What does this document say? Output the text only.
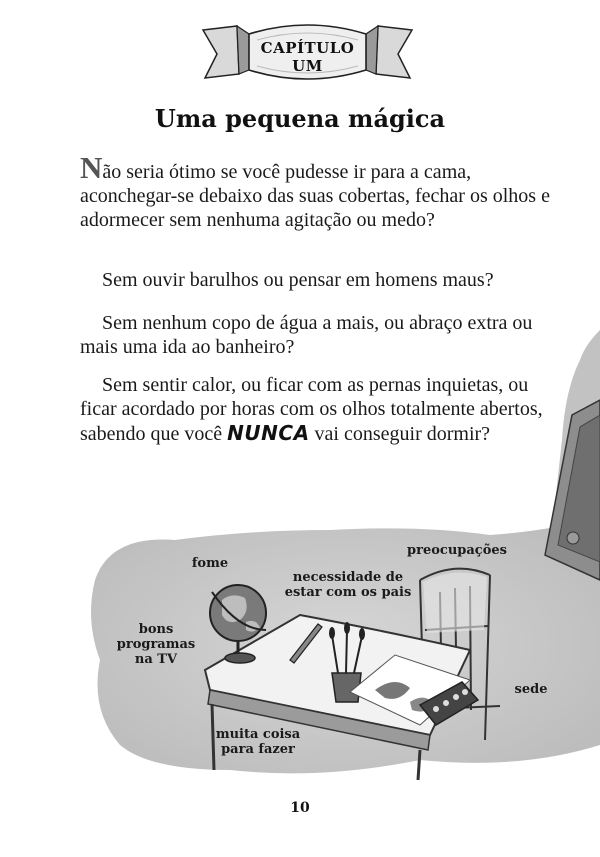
CAPÍTULO
UM
Uma pequena mágica

Não seria ótimo se você pudesse ir para a cama, aconchegar-se debaixo das suas cobertas, fechar os olhos e adormecer sem nenhuma agitação ou medo?

Sem ouvir barulhos ou pensar em homens maus?

Sem nenhum copo de água a mais, ou abraço extra ou mais uma ida ao banheiro?

Sem sentir calor, ou ficar com as pernas inquietas, ou ficar acordado por horas com os olhos totalmente abertos, sabendo que você NUNCA vai conseguir dormir?

fome
necessidade de
estar com os pais
preocupações
bons
programas
na TV
sede
muita coisa
para fazer
10
